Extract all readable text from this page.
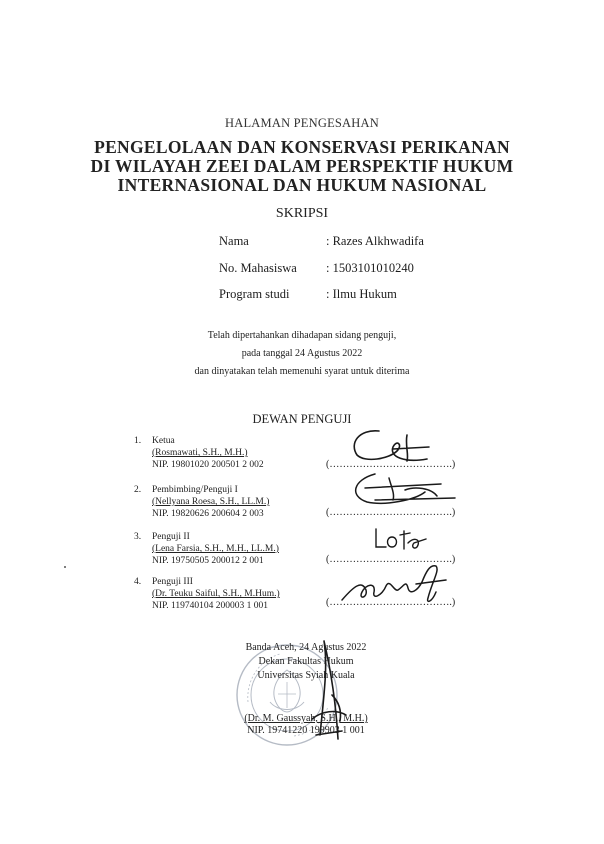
HALAMAN PENGESAHAN
PENGELOLAAN DAN KONSERVASI PERIKANAN
DI WILAYAH ZEEI DALAM PERSPEKTIF HUKUM
INTERNASIONAL DAN HUKUM NASIONAL
SKRIPSI
Nama	: Razes Alkhwadifa
No. Mahasiswa : 1503101010240
Program studi	: Ilmu Hukum
Telah dipertahankan dihadapan sidang penguji,
pada tanggal 24 Agustus 2022
dan dinyatakan telah memenuhi syarat untuk diterima
DEWAN PENGUJI
1. Ketua
(Rosmawati, S.H., M.H.)
NIP. 19801020 200501 2 002
2. Pembimbing/Penguji I
(Nellyana Roesa, S.H., LL.M.)
NIP. 19820626 200604 2 003
3. Penguji II
(Lena Farsia, S.H., M.H., LL.M.)
NIP. 19750505 200012 2 001
4. Penguji III
(Dr. Teuku Saiful, S.H., M.Hum.)
NIP. 119740104 200003 1 001
(……………………………….)
(……………………………….)
(……………………………….)
(……………………………….)
Banda Aceh, 24 Agustus 2022
Dekan Fakultas Hukum
Universitas Syiah Kuala
(Dr. M. Gaussyah, S.H., M.H.)
NIP. 19741220 199903 1 001
